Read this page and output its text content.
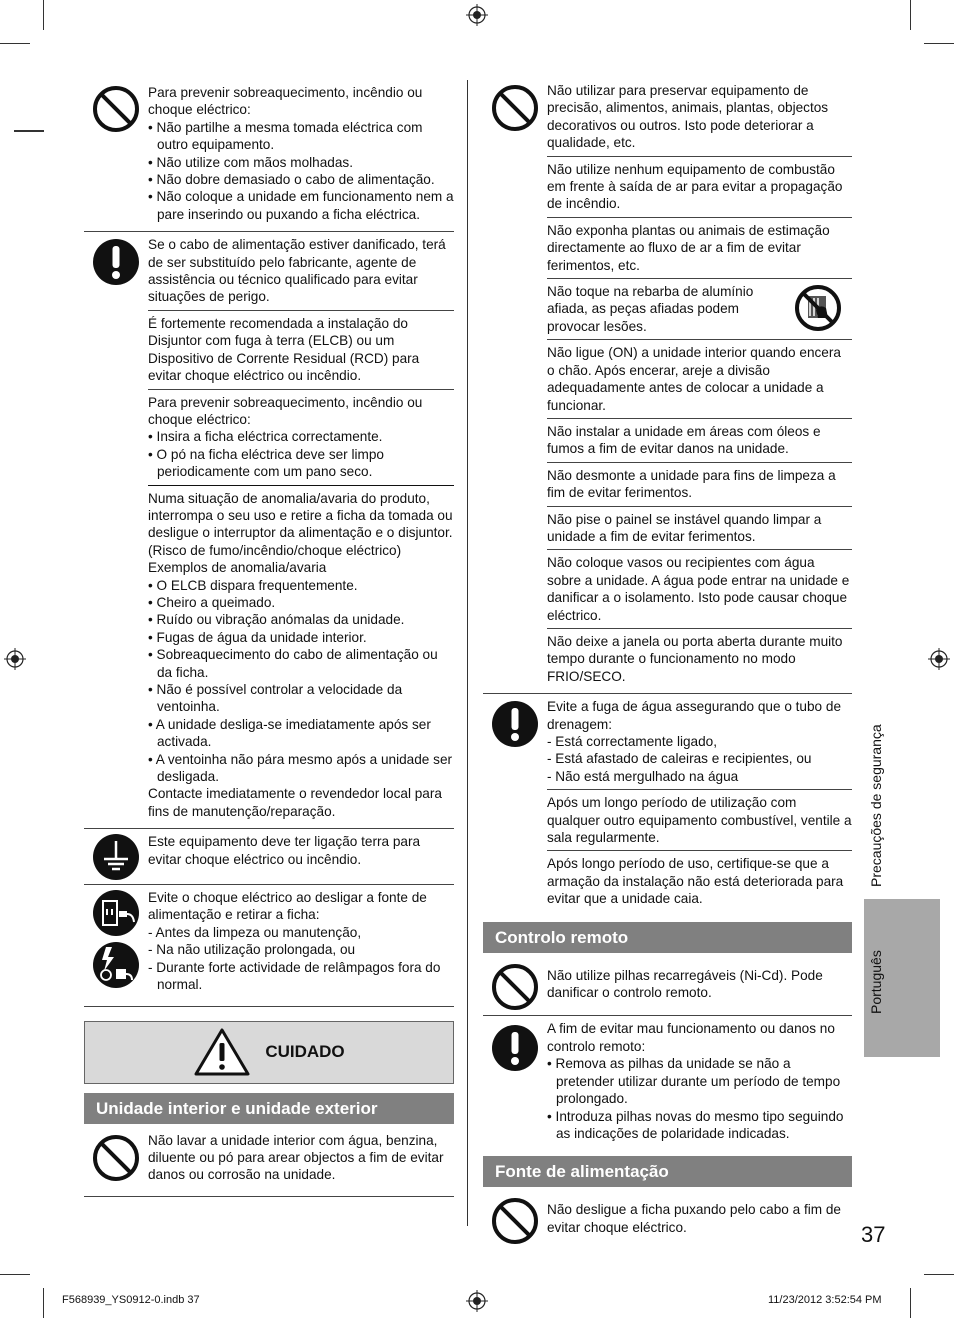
Para prevenir sobreaquecimento, incêndio ou choque eléctrico:

• Não partilhe a mesma tomada eléctrica com outro equipamento.

• Não utilize com mãos molhadas.

• Não dobre demasiado o cabo de alimentação.

• Não coloque a unidade em funcionamento nem a pare inserindo ou puxando a ficha eléctrica.

Se o cabo de alimentação estiver danificado, terá de ser substituído pelo fabricante, agente de assistência ou técnico qualificado para evitar situações de perigo.

É fortemente recomendada a instalação do Disjuntor com fuga à terra (ELCB) ou um Dispositivo de Corrente Residual (RCD) para evitar choque eléctrico ou incêndio.

Para prevenir sobreaquecimento, incêndio ou choque eléctrico:

• Insira a ficha eléctrica correctamente.

• O pó na ficha eléctrica deve ser limpo periodicamente com um pano seco.

Numa situação de anomalia/avaria do produto, interrompa o seu uso e retire a ficha da tomada ou desligue o interruptor da alimentação e o disjuntor.

(Risco de fumo/incêndio/choque eléctrico)

Exemplos de anomalia/avaria

• O ELCB dispara frequentemente.

• Cheiro a queimado.

• Ruído ou vibração anómalas da unidade.

• Fugas de água da unidade interior.

• Sobreaquecimento do cabo de alimentação ou da ficha.

• Não é possível controlar a velocidade da ventoinha.

• A unidade desliga-se imediatamente após ser activada.

• A ventoinha não pára mesmo após a unidade ser desligada.

Contacte imediatamente o revendedor local para fins de manutenção/reparação.

Este equipamento deve ter ligação terra para evitar choque eléctrico ou incêndio.

Evite o choque eléctrico ao desligar a fonte de alimentação e retirar a ficha:

- Antes da limpeza ou manutenção,

- Na não utilização prolongada, ou

- Durante forte actividade de relâmpagos fora do normal.

CUIDADO
Unidade interior e unidade exterior

Não lavar a unidade interior com água, benzina, diluente ou pó para arear objectos a fim de evitar danos ou corrosão na unidade.

Não utilizar para preservar equipamento de precisão, alimentos, animais, plantas, objectos decorativos ou outros. Isto pode deteriorar a qualidade, etc.

Não utilize nenhum equipamento de combustão em frente à saída de ar para evitar a propagação de incêndio.

Não exponha plantas ou animais de estimação directamente ao fluxo de ar a fim de evitar ferimentos, etc.

Não toque na rebarba de alumínio afiada, as peças afiadas podem provocar lesões.

Não ligue (ON) a unidade interior quando encera o chão. Após encerar, areje a divisão adequadamente antes de colocar a unidade a funcionar.

Não instalar a unidade em áreas com óleos e fumos a fim de evitar danos na unidade.

Não desmonte a unidade para fins de limpeza a fim de evitar ferimentos.

Não pise o painel se instável quando limpar a unidade a fim de evitar ferimentos.

Não coloque vasos ou recipientes com água sobre a unidade. A água pode entrar na unidade e danificar a o isolamento. Isto pode causar choque eléctrico.

Não deixe a janela ou porta aberta durante muito tempo durante o funcionamento no modo FRIO/SECO.

Evite a fuga de água assegurando que o tubo de drenagem:

- Está correctamente ligado,

- Está afastado de caleiras e recipientes, ou

- Não está mergulhado na água

Após um longo período de utilização com qualquer outro equipamento combustível, ventile a sala regularmente.

Após longo período de uso, certifique-se que a armação da instalação não está deteriorada para evitar que a unidade caia.

Controlo remoto

Não utilize pilhas recarregáveis (Ni-Cd). Pode danificar o controlo remoto.

A fim de evitar mau funcionamento ou danos no controlo remoto:

• Remova as pilhas da unidade se não a pretender utilizar durante um período de tempo prolongado.

• Introduza pilhas novas do mesmo tipo seguindo as indicações de polaridade indicadas.

Fonte de alimentação

Não desligue a ficha puxando pelo cabo a fim de evitar choque eléctrico.

Precauções de segurança
Português
37
F568939_YS0912-0.indb 37	11/23/2012 3:52:54 PM
